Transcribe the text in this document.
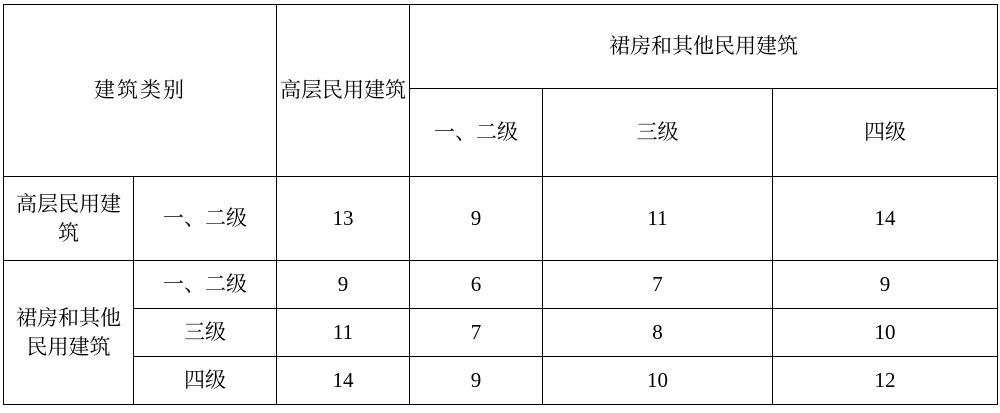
建筑类别		高层民用建筑	裙房和其他民用建筑		
			一、二级	三级	四级
高层民用建筑	一、二级	13	9	11	14
裙房和其他民用建筑	一、二级	9	6	7	9
	三级	11	7	8	10
	四级	14	9	10	12
